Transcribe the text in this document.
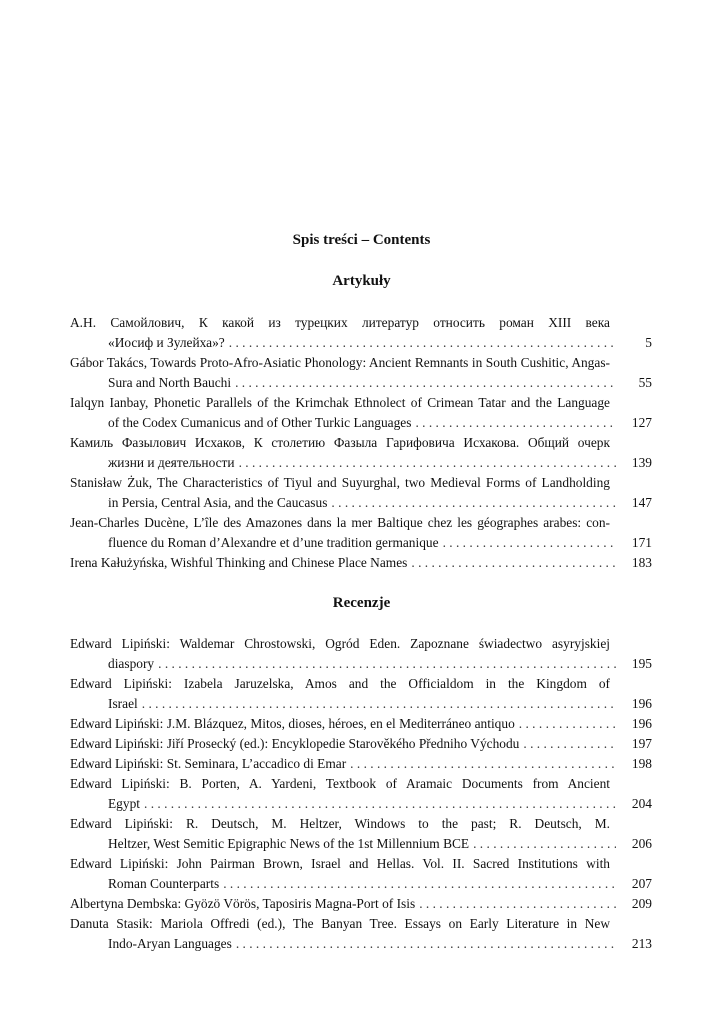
Spis treści – Contents
Artykuły
А.Н. Самойлович, К какой из турецких литератур относить роман XIII века
«Иосиф и Зулейха»? . . .	5
Gábor Takács, Towards Proto-Afro-Asiatic Phonology: Ancient Remnants in South Cushitic, Angas-
Sura and North Bauchi . . .	55
Ialqyn Ianbay, Phonetic Parallels of the Krimchak Ethnolect of Crimean Tatar and the Language
of the Codex Cumanicus and of Other Turkic Languages . . .	127
Камиль Фазылович Исхаков, К столетию Фазыла Гарифовича Исхакова. Общий очерк
жизни и деятельности . . .	139
Stanisław Żuk, The Characteristics of Tiyul and Suyurghal, two Medieval Forms of Landholding
in Persia, Central Asia, and the Caucasus . . .	147
Jean-Charles Ducène, L’île des Amazones dans la mer Baltique chez les géographes arabes: con-
fluence du Roman d’Alexandre et d’une tradition germanique . . .	171
Irena Kałużyńska, Wishful Thinking and Chinese Place Names . . .	183
Recenzje
Edward Lipiński: Waldemar Chrostowski, Ogród Eden. Zapoznane świadectwo asyryjskiej
diaspory . . .	195
Edward Lipiński: Izabela Jaruzelska, Amos and the Officialdom in the Kingdom of
Israel . . .	196
Edward Lipiński: J.M. Blázquez, Mitos, dioses, héroes, en el Mediterráneo antiquo . . .	196
Edward Lipiński: Jiří Prosecký (ed.): Encyklopedie Starověkého Předniho Východu . . .	197
Edward Lipiński: St. Seminara, L’accadico di Emar . . .	198
Edward Lipiński: B. Porten, A. Yardeni, Textbook of Aramaic Documents from Ancient
Egypt . . .	204
Edward Lipiński: R. Deutsch, M. Heltzer, Windows to the past; R. Deutsch, M.
Heltzer, West Semitic Epigraphic News of the 1st Millennium BCE . . .	206
Edward Lipiński: John Pairman Brown, Israel and Hellas. Vol. II. Sacred Institutions with
Roman Counterparts . . .	207
Albertyna Dembska: Gyözö Vörös, Taposiris Magna-Port of Isis . . .	209
Danuta Stasik: Mariola Offredi (ed.), The Banyan Tree. Essays on Early Literature in New
Indo-Aryan Languages . . .	213
